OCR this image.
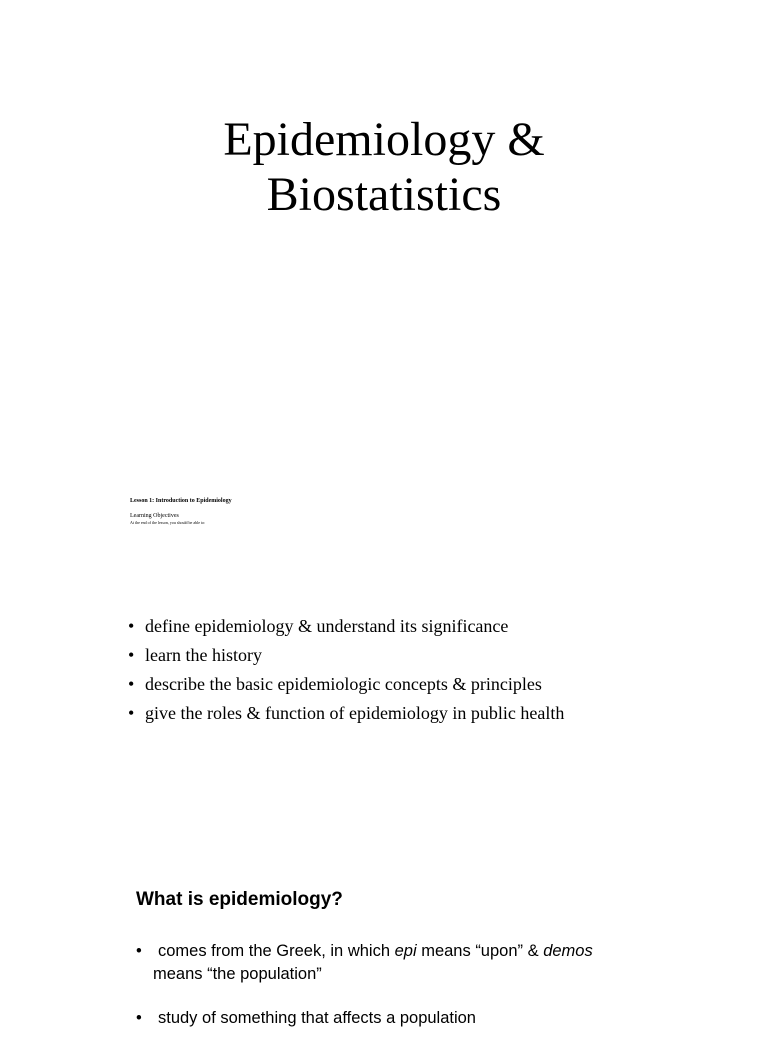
Epidemiology &
Biostatistics
Lesson 1: Introduction to Epidemiology
Learning Objectives
At the end of the lesson, you should be able to:
• define epidemiology & understand its significance
• learn the history
• describe the basic epidemiologic concepts & principles
• give the roles & function of epidemiology in public health
What is epidemiology?
• comes from the Greek, in which epi means “upon” & demos means “the population”
• study of something that affects a population
